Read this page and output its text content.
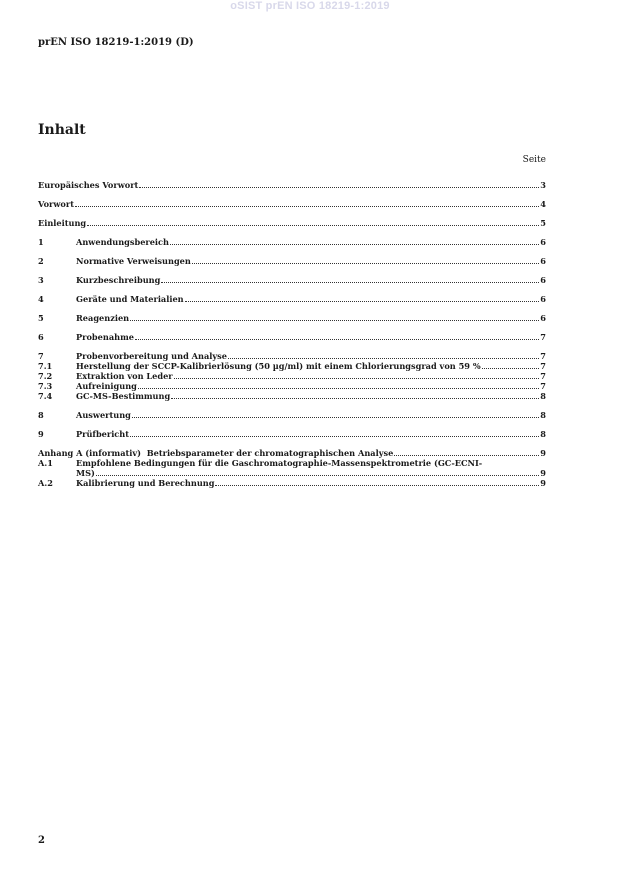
oSIST prEN ISO 18219-1:2019
prEN ISO 18219-1:2019 (D)
Inhalt
Seite
Europäisches Vorwort	3
Vorwort	4
Einleitung	5
1	Anwendungsbereich	6
2	Normative Verweisungen	6
3	Kurzbeschreibung	6
4	Geräte und Materialien	6
5	Reagenzien	6
6	Probenahme	7
7	Probenvorbereitung und Analyse	7
7.1	Herstellung der SCCP-Kalibrierlösung (50 µg/ml) mit einem Chlorierungsgrad von 59 %	7
7.2	Extraktion von Leder	7
7.3	Aufreinigung	7
7.4	GC-MS-Bestimmung	8
8	Auswertung	8
9	Prüfbericht	8
Anhang A (informativ)  Betriebsparameter der chromatographischen Analyse	9
A.1	Empfohlene Bedingungen für die Gaschromatographie-Massenspektrometrie (GC-ECNI-
MS)	9
A.2	Kalibrierung und Berechnung	9
2
